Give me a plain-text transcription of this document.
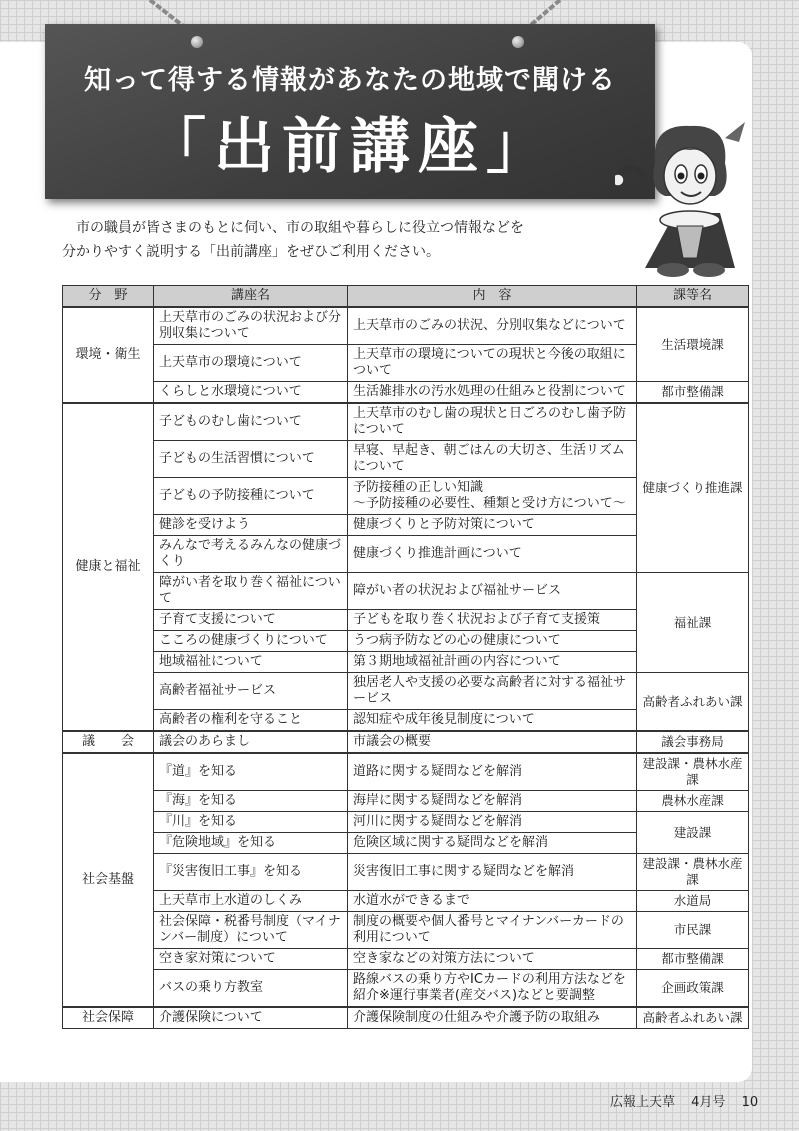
知って得する情報があなたの地域で聞ける
「出前講座」

市の職員が皆さまのもとに伺い、市の取組や暮らしに役立つ情報などを

分かりやすく説明する「出前講座」をぜひご利用ください。

分　野	講座名	内　容	課等名
環境・衛生	上天草市のごみの状況および分別収集について	上天草市のごみの状況、分別収集などについて	生活環境課
	上天草市の環境について	上天草市の環境についての現状と今後の取組について	
	くらしと水環境について	生活雑排水の汚水処理の仕組みと役割について	都市整備課
健康と福祉	子どものむし歯について	上天草市のむし歯の現状と日ごろのむし歯予防について	健康づくり推進課
	子どもの生活習慣について	早寝、早起き、朝ごはんの大切さ、生活リズムについて	
	子どもの予防接種について	予防接種の正しい知識
～予防接種の必要性、種類と受け方について～	
	健診を受けよう	健康づくりと予防対策について	
	みんなで考えるみんなの健康づくり	健康づくり推進計画について	
	障がい者を取り巻く福祉について	障がい者の状況および福祉サービス	福祉課
	子育て支援について	子どもを取り巻く状況および子育て支援策	
	こころの健康づくりについて	うつ病予防などの心の健康について	
	地域福祉について	第３期地域福祉計画の内容について	
	高齢者福祉サービス	独居老人や支援の必要な高齢者に対する福祉サービス	高齢者ふれあい課
	高齢者の権利を守ること	認知症や成年後見制度について	
議　　会	議会のあらまし	市議会の概要	議会事務局
社会基盤	『道』を知る	道路に関する疑問などを解消	建設課・農林水産課
	『海』を知る	海岸に関する疑問などを解消	農林水産課
	『川』を知る	河川に関する疑問などを解消	建設課
	『危険地域』を知る	危険区域に関する疑問などを解消	
	『災害復旧工事』を知る	災害復旧工事に関する疑問などを解消	建設課・農林水産課
	上天草市上水道のしくみ	水道水ができるまで	水道局
	社会保障・税番号制度（マイナンバー制度）について	制度の概要や個人番号とマイナンバーカードの利用について	市民課
	空き家対策について	空き家などの対策方法について	都市整備課
	バスの乗り方教室	路線バスの乗り方やICカードの利用方法などを紹介※運行事業者(産交バス)などと要調整	企画政策課
社会保障	介護保険について	介護保険制度の仕組みや介護予防の取組み	高齢者ふれあい課
広報上天草 4月号 10
